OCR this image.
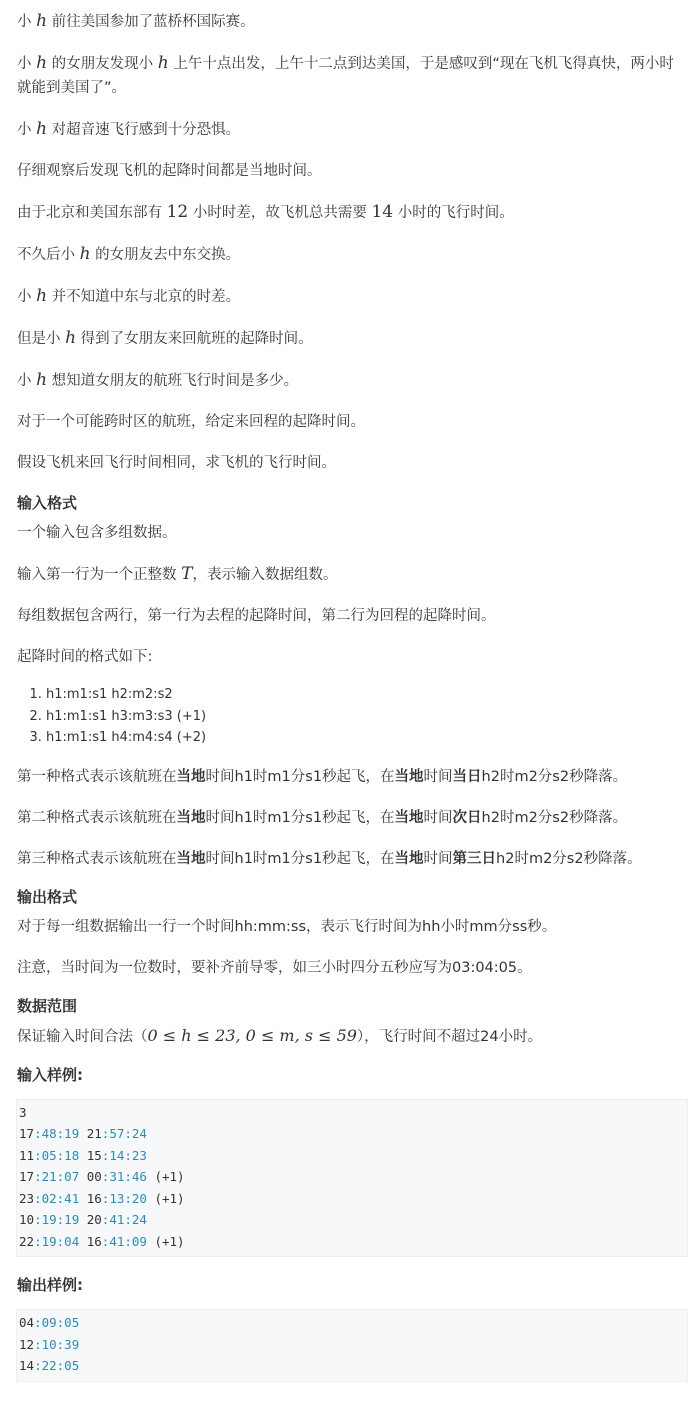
小 h 前往美国参加了蓝桥杯国际赛。

小 h 的女朋友发现小 h 上午十点出发，上午十二点到达美国，于是感叹到“现在飞机飞得真快，两小时就能到美国了”。

小 h 对超音速飞行感到十分恐惧。

仔细观察后发现飞机的起降时间都是当地时间。

由于北京和美国东部有 12 小时时差，故飞机总共需要 14 小时的飞行时间。

不久后小 h 的女朋友去中东交换。

小 h 并不知道中东与北京的时差。

但是小 h 得到了女朋友来回航班的起降时间。

小 h 想知道女朋友的航班飞行时间是多少。

对于一个可能跨时区的航班，给定来回程的起降时间。

假设飞机来回飞行时间相同，求飞机的飞行时间。

输入格式

一个输入包含多组数据。

输入第一行为一个正整数 T，表示输入数据组数。

每组数据包含两行，第一行为去程的起降时间，第二行为回程的起降时间。

起降时间的格式如下:

1. h1:m1:s1 h2:m2:s2
2. h1:m1:s1 h3:m3:s3 (+1)
3. h1:m1:s1 h4:m4:s4 (+2)

第一种格式表示该航班在当地时间h1时m1分s1秒起飞，在当地时间当日h2时m2分s2秒降落。

第二种格式表示该航班在当地时间h1时m1分s1秒起飞，在当地时间次日h2时m2分s2秒降落。

第三种格式表示该航班在当地时间h1时m1分s1秒起飞，在当地时间第三日h2时m2分s2秒降落。

输出格式

对于每一组数据输出一行一个时间hh:mm:ss，表示飞行时间为hh小时mm分ss秒。

注意，当时间为一位数时，要补齐前导零，如三小时四分五秒应写为03:04:05。

数据范围

保证输入时间合法（0 ≤ h ≤ 23, 0 ≤ m, s ≤ 59），飞行时间不超过24小时。

输入样例:
3
17:48:19 21:57:24
11:05:18 15:14:23
17:21:07 00:31:46 (+1)
23:02:41 16:13:20 (+1)
10:19:19 20:41:24
22:19:04 16:41:09 (+1)
输出样例:
04:09:05
12:10:39
14:22:05
